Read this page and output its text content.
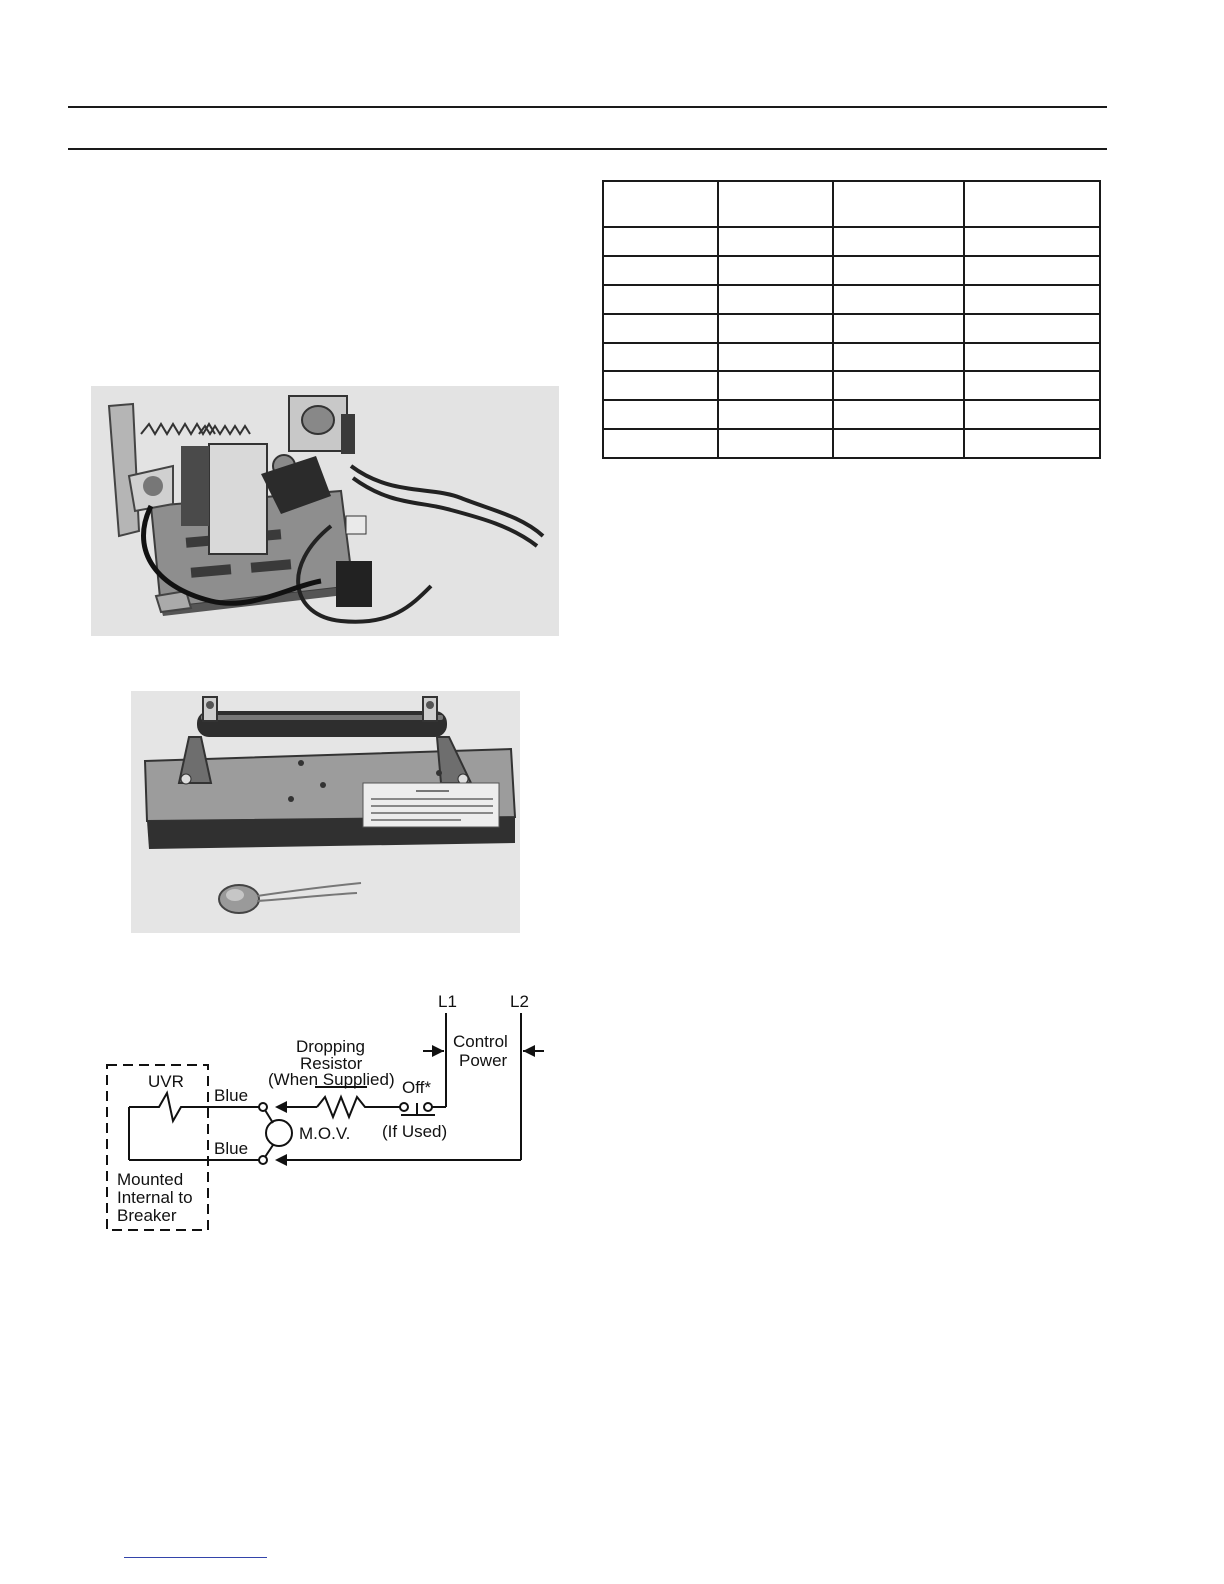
UVR
Blue
Blue
Mounted
Internal to
Breaker
Dropping
Resistor
(When Supplied)
M.O.V.
Off*
(If Used)
L1	L2
Control
Power
